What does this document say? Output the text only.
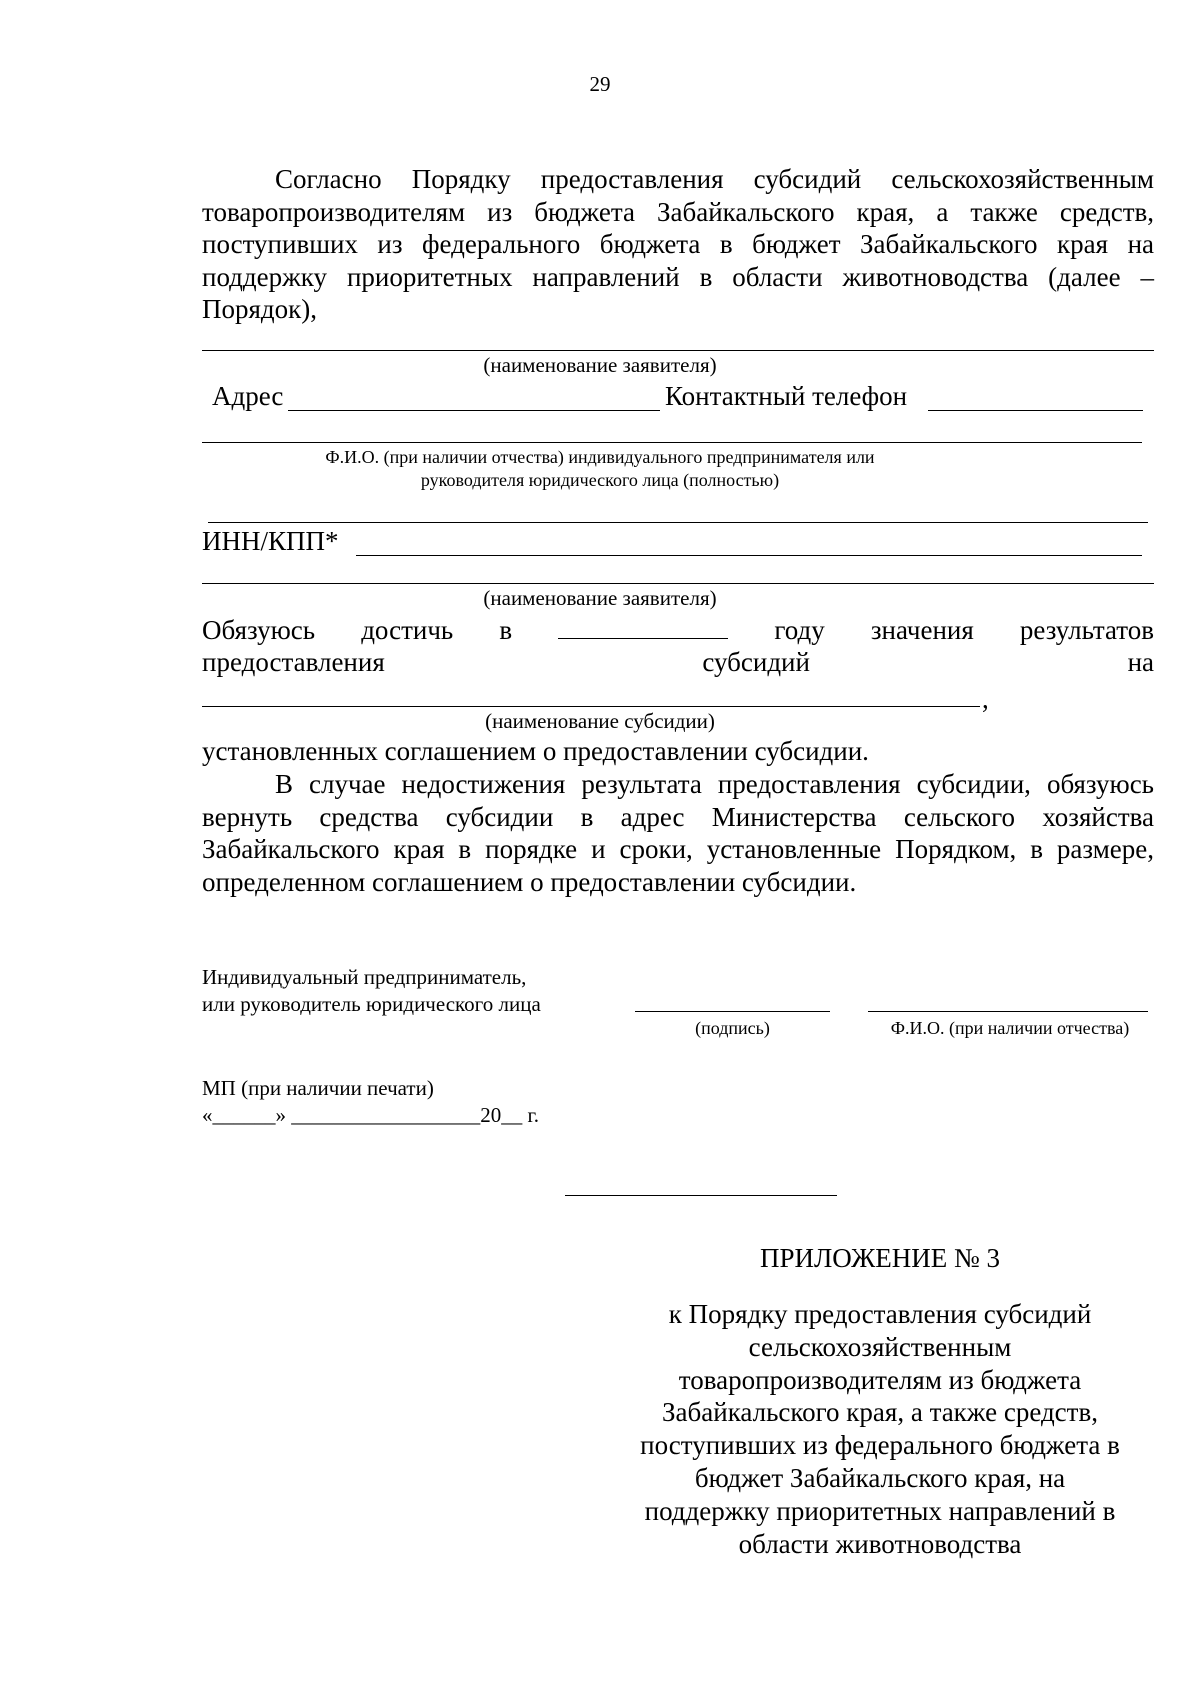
29
Согласно Порядку предоставления субсидий сельскохозяйственным товаропроизводителям из бюджета Забайкальского края, а также средств, поступивших из федерального бюджета в бюджет Забайкальского края на поддержку приоритетных направлений в области животноводства (далее – Порядок),
(наименование заявителя)
Адрес	Контактный телефон
Ф.И.О. (при наличии отчества) индивидуального предпринимателя или
руководителя юридического лица (полностью)
ИНН/КПП*
(наименование заявителя)
Обязуюсь достичь в	году значения результатов
предоставления	субсидий	на
,
(наименование субсидии)
установленных соглашением о предоставлении субсидии.
В случае недостижения результата предоставления субсидии, обязуюсь вернуть средства субсидии в адрес Министерства сельского хозяйства Забайкальского края в порядке и сроки, установленные Порядком, в размере, определенном соглашением о предоставлении субсидии.
Индивидуальный предприниматель,
или руководитель юридического лица
(подпись)	Ф.И.О. (при наличии отчества)
МП (при наличии печати)
«______» __________________20__ г.
ПРИЛОЖЕНИЕ № 3
к Порядку предоставления субсидий
сельскохозяйственным
товаропроизводителям из бюджета
Забайкальского края, а также средств,
поступивших из федерального бюджета в
бюджет Забайкальского края, на
поддержку приоритетных направлений в
области животноводства
